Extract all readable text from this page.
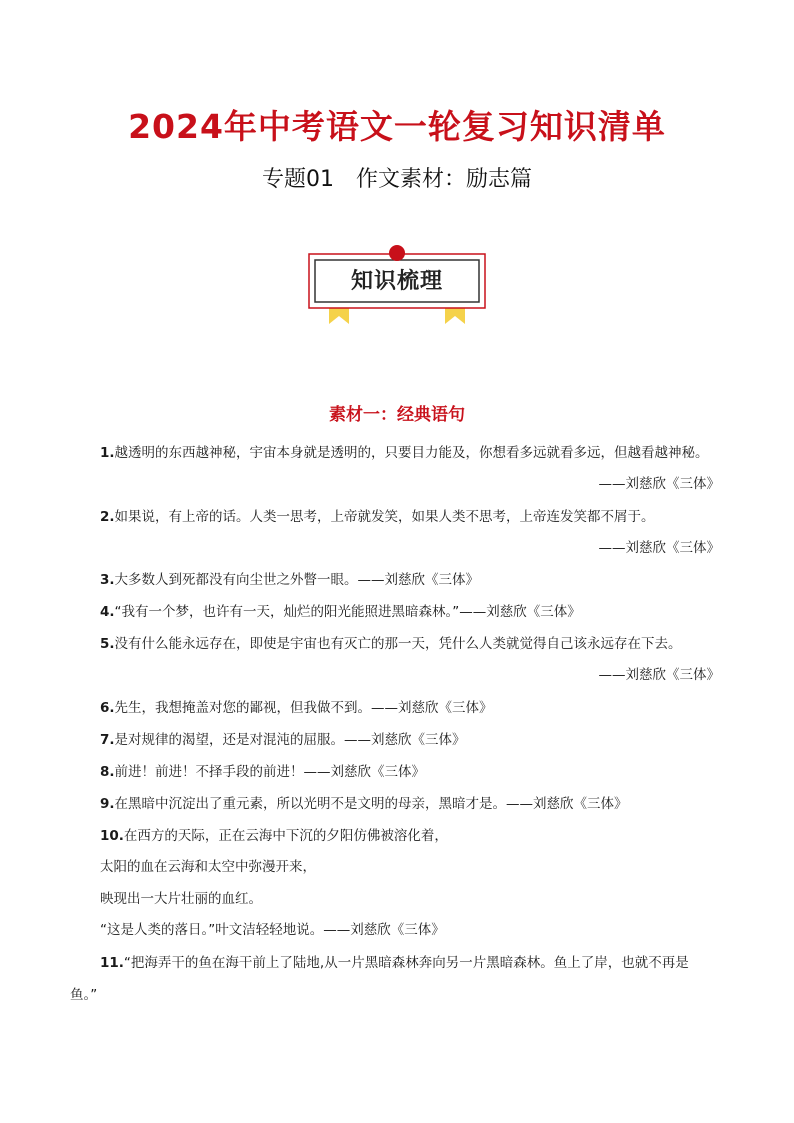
2024年中考语文一轮复习知识清单
专题01 作文素材：励志篇
知识梳理
素材一：经典语句
1.越透明的东西越神秘，宇宙本身就是透明的，只要目力能及，你想看多远就看多远，但越看越神秘。
——刘慈欣《三体》
2.如果说，有上帝的话。人类一思考，上帝就发笑，如果人类不思考，上帝连发笑都不屑于。
——刘慈欣《三体》
3.大多数人到死都没有向尘世之外瞥一眼。——刘慈欣《三体》
4.“我有一个梦，也许有一天，灿烂的阳光能照进黑暗森林。”——刘慈欣《三体》
5.没有什么能永远存在，即使是宇宙也有灭亡的那一天，凭什么人类就觉得自己该永远存在下去。
——刘慈欣《三体》
6.先生，我想掩盖对您的鄙视，但我做不到。——刘慈欣《三体》
7.是对规律的渴望，还是对混沌的屈服。——刘慈欣《三体》
8.前进！前进！不择手段的前进！——刘慈欣《三体》
9.在黑暗中沉淀出了重元素，所以光明不是文明的母亲，黑暗才是。——刘慈欣《三体》
10.在西方的天际，正在云海中下沉的夕阳仿佛被溶化着，
太阳的血在云海和太空中弥漫开来，
映现出一大片壮丽的血红。
“这是人类的落日。”叶文洁轻轻地说。——刘慈欣《三体》
11.“把海弄干的鱼在海干前上了陆地,从一片黑暗森林奔向另一片黑暗森林。鱼上了岸，也就不再是
鱼。”
